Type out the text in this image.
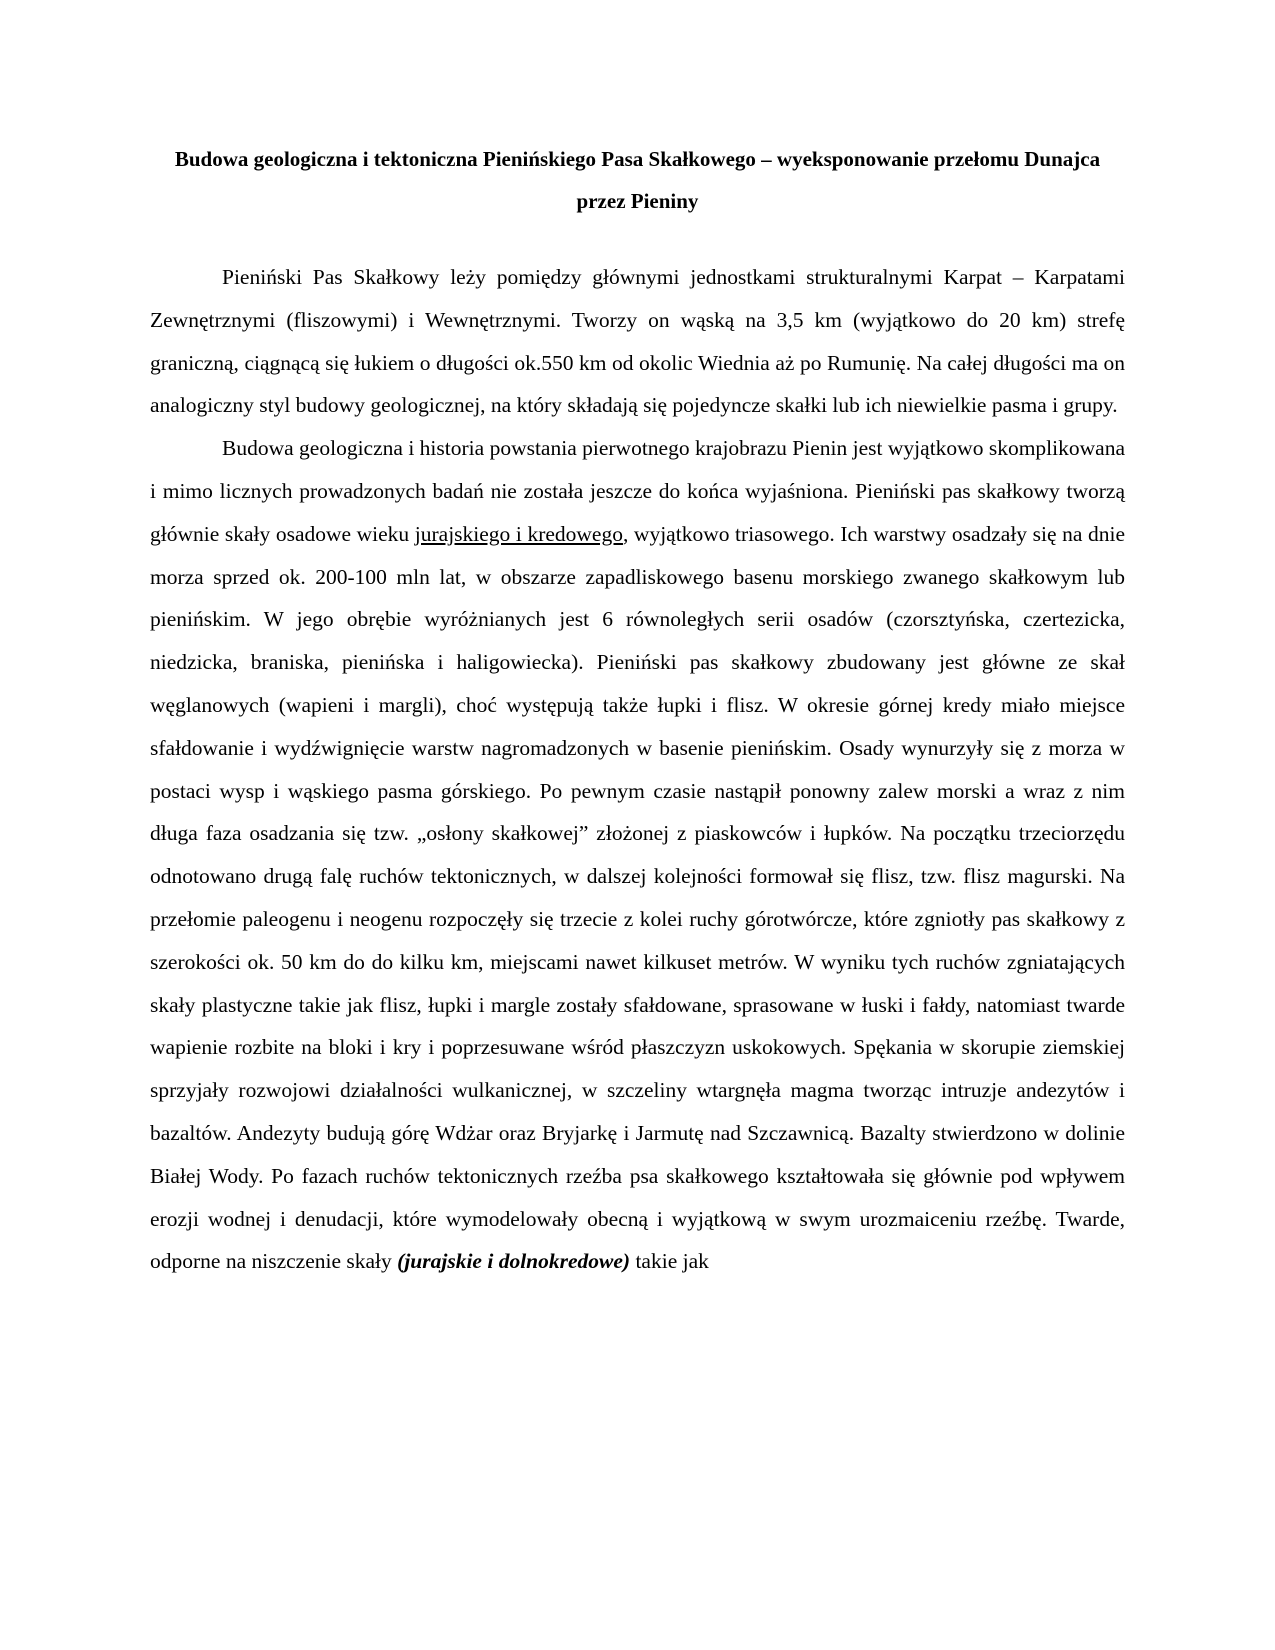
Budowa geologiczna i tektoniczna Pienińskiego Pasa Skałkowego – wyeksponowanie przełomu Dunajca przez Pieniny

Pieniński Pas Skałkowy leży pomiędzy głównymi jednostkami strukturalnymi Karpat – Karpatami Zewnętrznymi (fliszowymi) i Wewnętrznymi. Tworzy on wąską na 3,5 km (wyjątkowo do 20 km) strefę graniczną, ciągnącą się łukiem o długości ok.550 km od okolic Wiednia aż po Rumunię. Na całej długości ma on analogiczny styl budowy geologicznej, na który składają się pojedyncze skałki lub ich niewielkie pasma i grupy.

Budowa geologiczna i historia powstania pierwotnego krajobrazu Pienin jest wyjątkowo skomplikowana i mimo licznych prowadzonych badań nie została jeszcze do końca wyjaśniona. Pieniński pas skałkowy tworzą głównie skały osadowe wieku jurajskiego i kredowego, wyjątkowo triasowego. Ich warstwy osadzały się na dnie morza sprzed ok. 200-100 mln lat, w obszarze zapadliskowego basenu morskiego zwanego skałkowym lub pienińskim. W jego obrębie wyróżnianych jest 6 równoległych serii osadów (czorsztyńska, czertezicka, niedzicka, braniska, pienińska i haligowiecka). Pieniński pas skałkowy zbudowany jest główne ze skał węglanowych (wapieni i margli), choć występują także łupki i flisz. W okresie górnej kredy miało miejsce sfałdowanie i wydźwignięcie warstw nagromadzonych w basenie pienińskim. Osady wynurzyły się z morza w postaci wysp i wąskiego pasma górskiego. Po pewnym czasie nastąpił ponowny zalew morski a wraz z nim długa faza osadzania się tzw. „osłony skałkowej” złożonej z piaskowców i łupków. Na początku trzeciorzędu odnotowano drugą falę ruchów tektonicznych, w dalszej kolejności formował się flisz, tzw. flisz magurski. Na przełomie paleogenu i neogenu rozpoczęły się trzecie z kolei ruchy górotwórcze, które zgniotły pas skałkowy z szerokości ok. 50 km do do kilku km, miejscami nawet kilkuset metrów. W wyniku tych ruchów zgniatających skały plastyczne takie jak flisz, łupki i margle zostały sfałdowane, sprasowane w łuski i fałdy, natomiast twarde wapienie rozbite na bloki i kry i poprzesuwane wśród płaszczyzn uskokowych. Spękania w skorupie ziemskiej sprzyjały rozwojowi działalności wulkanicznej, w szczeliny wtargnęła magma tworząc intruzje andezytów i bazaltów. Andezyty budują górę Wdżar oraz Bryjarkę i Jarmutę nad Szczawnicą. Bazalty stwierdzono w dolinie Białej Wody. Po fazach ruchów tektonicznych rzeźba psa skałkowego kształtowała się głównie pod wpływem erozji wodnej i denudacji, które wymodelowały obecną i wyjątkową w swym urozmaiceniu rzeźbę. Twarde, odporne na niszczenie skały (jurajskie i dolnokredowe) takie jak
